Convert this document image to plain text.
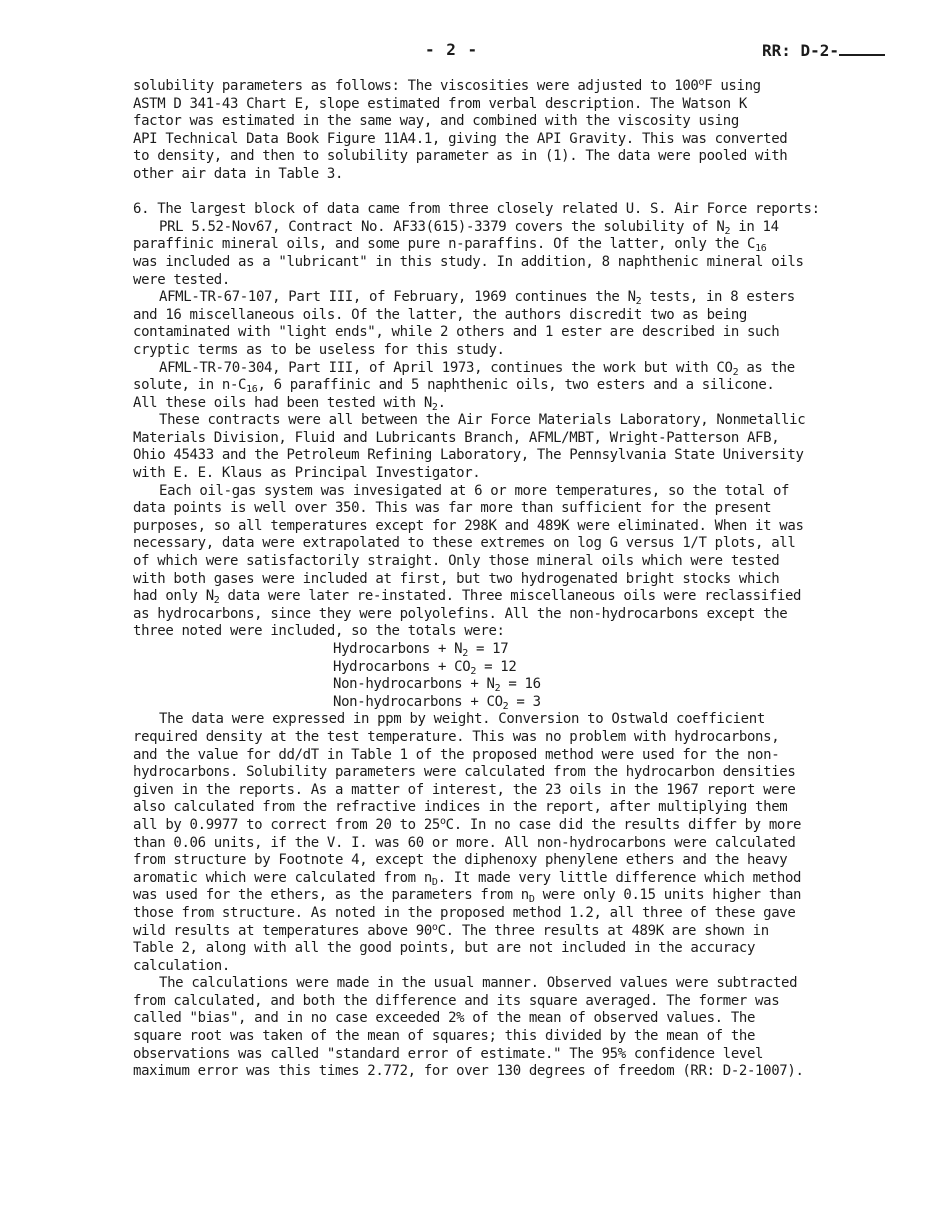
- 2 -	RR: D-2-

solubility parameters as follows: The viscosities were adjusted to 100$^o$F using

ASTM D 341-43 Chart E, slope estimated from verbal description. The Watson K

factor was estimated in the same way, and combined with the viscosity using

API Technical Data Book Figure 11A4.1, giving the API Gravity. This was converted

to density, and then to solubility parameter as in (1). The data were pooled with

other air data in Table 3.

6. The largest block of data came from three closely related U. S. Air Force reports:

PRL 5.52-Nov67, Contract No. AF33(615)-3379 covers the solubility of $N_2$ in 14

paraffinic mineral oils, and some pure n-paraffins. Of the latter, only the $C_{16}$

was included as a "lubricant" in this study. In addition, 8 naphthenic mineral oils

were tested.

AFML-TR-67-107, Part III, of February, 1969 continues the $N_2$ tests, in 8 esters

and 16 miscellaneous oils. Of the latter, the authors discredit two as being

contaminated with "light ends", while 2 others and 1 ester are described in such

cryptic terms as to be useless for this study.

AFML-TR-70-304, Part III, of April 1973, continues the work but with $CO_2$ as the

solute, in $n-C_{16}$, 6 paraffinic and 5 naphthenic oils, two esters and a silicone.

All these oils had been tested with $N_2$.

These contracts were all between the Air Force Materials Laboratory, Nonmetallic

Materials Division, Fluid and Lubricants Branch, AFML/MBT, Wright-Patterson AFB,

Ohio 45433 and the Petroleum Refining Laboratory, The Pennsylvania State University

with E. E. Klaus as Principal Investigator.

Each oil-gas system was invesigated at 6 or more temperatures, so the total of

data points is well over 350. This was far more than sufficient for the present

purposes, so all temperatures except for 298K and 489K were eliminated. When it was

necessary, data were extrapolated to these extremes on log G versus 1/T plots, all

of which were satisfactorily straight. Only those mineral oils which were tested

with both gases were included at first, but two hydrogenated bright stocks which

had only $N_2$ data were later re-instated. Three miscellaneous oils were reclassified

as hydrocarbons, since they were polyolefins. All the non-hydrocarbons except the

three noted were included, so the totals were:

Hydrocarbons + $N_2 = 17$

Hydrocarbons + $CO_2 = 12$

Non-hydrocarbons + $N_2 = 16$

Non-hydrocarbons + $CO_2 = 3$

The data were expressed in ppm by weight. Conversion to Ostwald coefficient

required density at the test temperature. This was no problem with hydrocarbons,

and the value for dd/dT in Table 1 of the proposed method were used for the non-

hydrocarbons. Solubility parameters were calculated from the hydrocarbon densities

given in the reports. As a matter of interest, the 23 oils in the 1967 report were

also calculated from the refractive indices in the report, after multiplying them

all by 0.9977 to correct from 20 to 25$^o$C. In no case did the results differ by more

than 0.06 units, if the V. I. was 60 or more. All non-hydrocarbons were calculated

from structure by Footnote 4, except the diphenoxy phenylene ethers and the heavy

aromatic which were calculated from $n_D$. It made very little difference which method

was used for the ethers, as the parameters from $n_D$ were only 0.15 units higher than

those from structure. As noted in the proposed method 1.2, all three of these gave

wild results at temperatures above 90$^o$C. The three results at 489K are shown in

Table 2, along with all the good points, but are not included in the accuracy

calculation.

The calculations were made in the usual manner. Observed values were subtracted

from calculated, and both the difference and its square averaged. The former was

called "bias", and in no case exceeded 2% of the mean of observed values. The

square root was taken of the mean of squares; this divided by the mean of the

observations was called "standard error of estimate." The 95% confidence level

maximum error was this times 2.772, for over 130 degrees of freedom (RR: D-2-1007).
